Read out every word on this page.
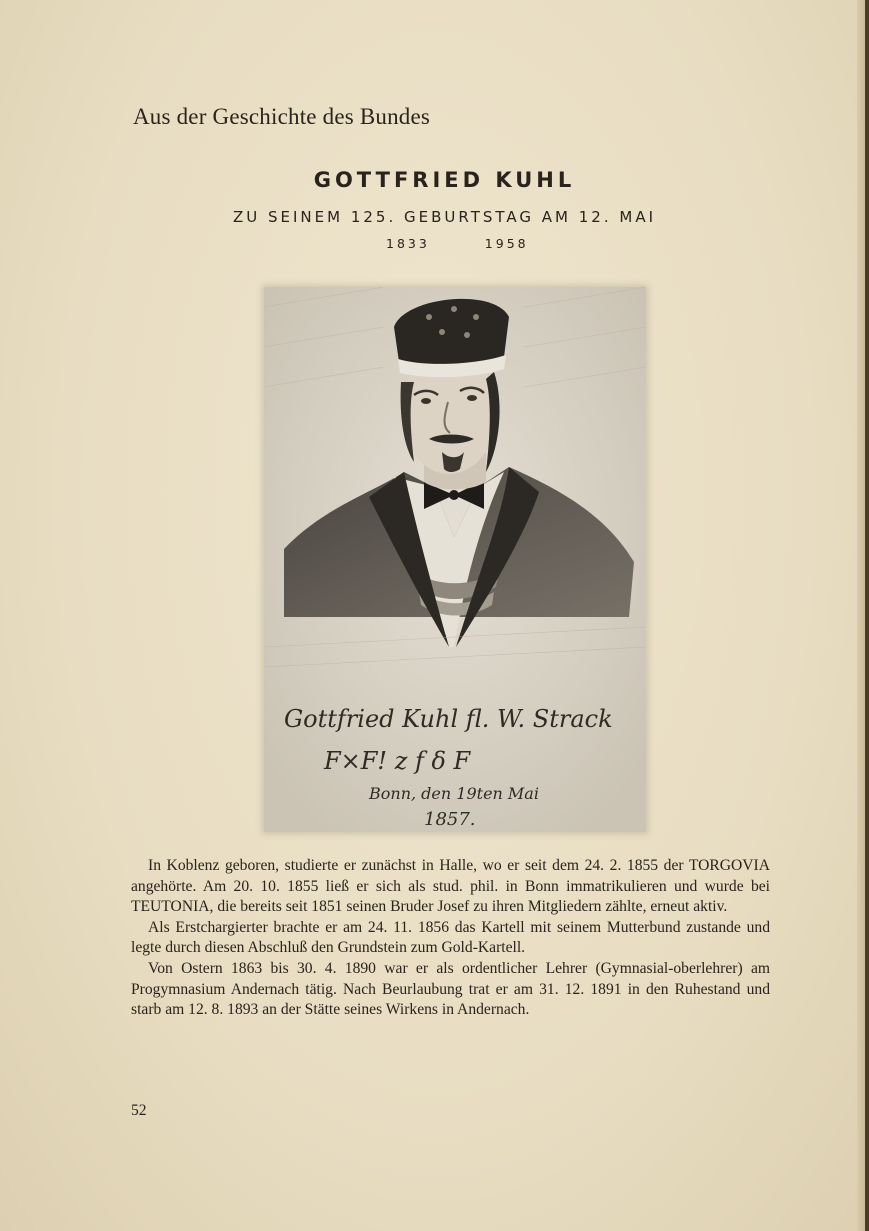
Aus der Geschichte des Bundes
GOTTFRIED KUHL
ZU SEINEM 125. GEBURTSTAG AM 12. MAI
1833	1958
Gottfried Kuhl fl. W. Strack
F×F! z f δ F
Bonn, den 19ten Mai
1857.

In Koblenz geboren, studierte er zunächst in Halle, wo er seit dem 24. 2. 1855 der TORGOVIA angehörte. Am 20. 10. 1855 ließ er sich als stud. phil. in Bonn immatrikulieren und wurde bei TEUTONIA, die bereits seit 1851 seinen Bruder Josef zu ihren Mitgliedern zählte, erneut aktiv.

Als Erstchargierter brachte er am 24. 11. 1856 das Kartell mit seinem Mutterbund zustande und legte durch diesen Abschluß den Grundstein zum Gold-Kartell.

Von Ostern 1863 bis 30. 4. 1890 war er als ordentlicher Lehrer (Gymnasial-oberlehrer) am Progymnasium Andernach tätig. Nach Beurlaubung trat er am 31. 12. 1891 in den Ruhestand und starb am 12. 8. 1893 an der Stätte seines Wirkens in Andernach.

52
